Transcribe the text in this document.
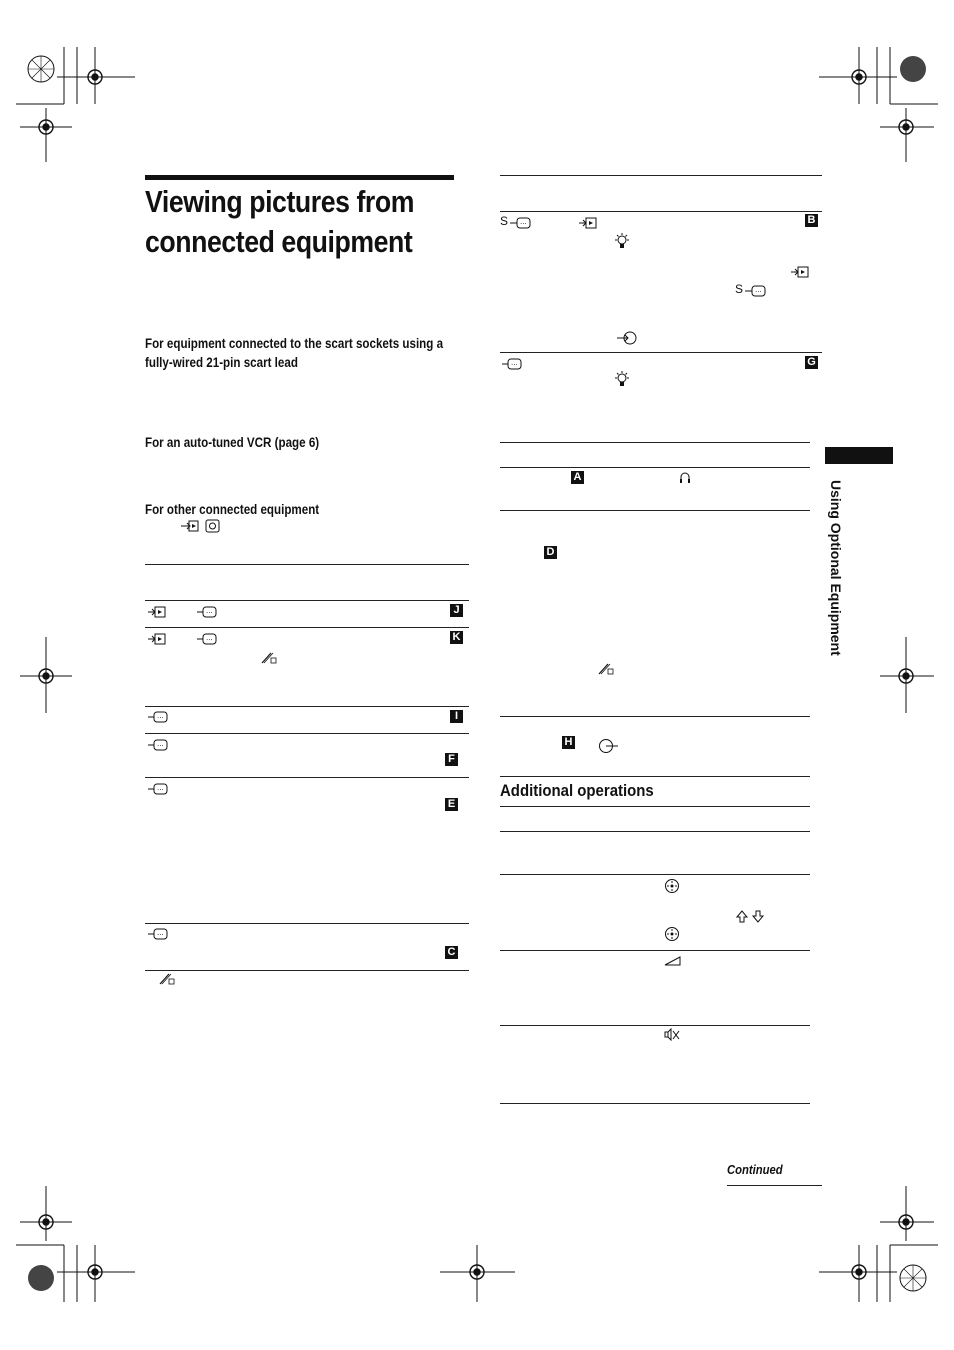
Viewing pictures from
connected equipment
For equipment connected to the scart sockets using a
fully-wired 21-pin scart lead
For an auto-tuned VCR (page 6)
For other connected equipment
···	J
···	K
···	I
···
F
···
E
···
C
S ···	B
S ···
···	G
A
D
H
Additional operations
Continued
Using Optional Equipment
